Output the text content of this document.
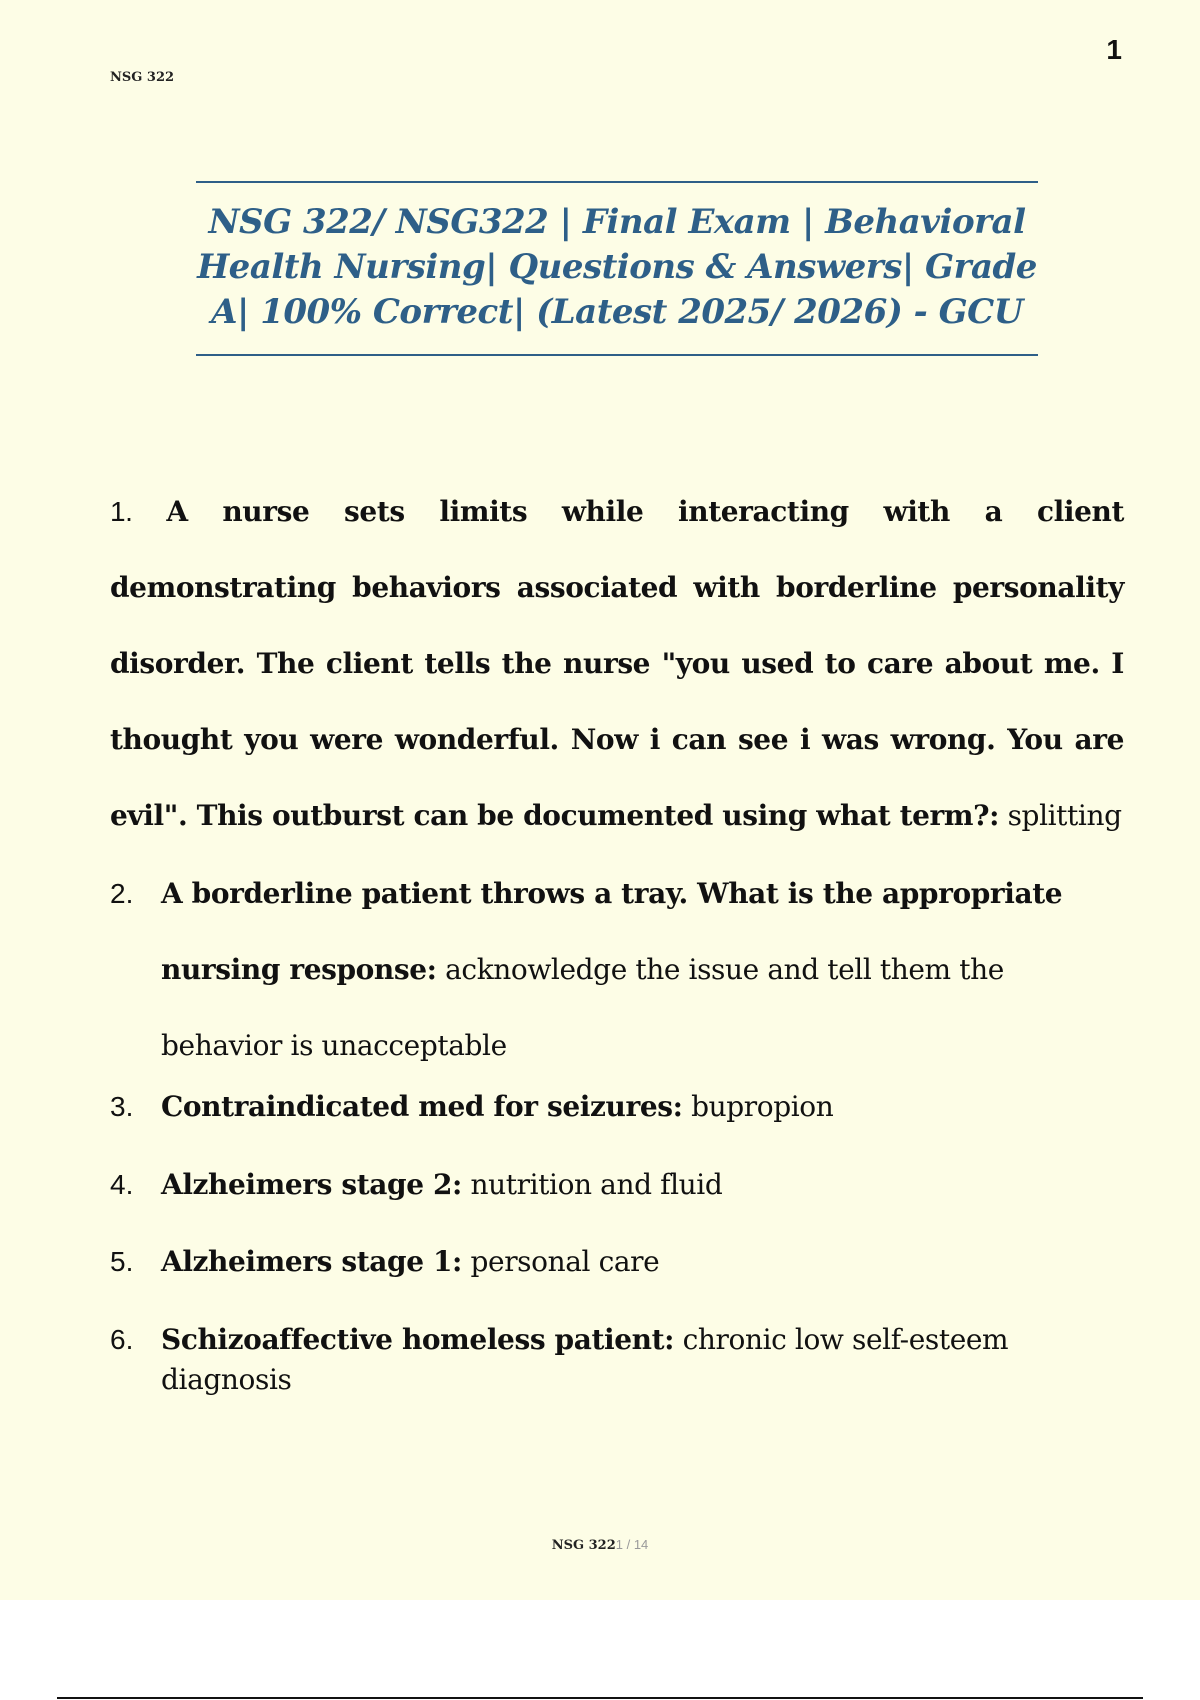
NSG 322
1

NSG 322/ NSG322 | Final Exam | Behavioral
Health Nursing| Questions & Answers| Grade
A| 100% Correct| (Latest 2025/ 2026) - GCU

1. A nurse sets limits while interacting with a client demonstrating behaviors associated with borderline personality disorder. The client tells the nurse "you used to care about me. I thought you were wonderful. Now i can see i was wrong. You are evil". This outburst can be documented using what term?: splitting
2. A borderline patient throws a tray. What is the appropriate nursing response: acknowledge the issue and tell them the behavior is unacceptable
3. Contraindicated med for seizures: bupropion
4. Alzheimers stage 2: nutrition and fluid
5. Alzheimers stage 1: personal care
6. Schizoaffective homeless patient: chronic low self-esteem diagnosis
NSG 3221 / 14
